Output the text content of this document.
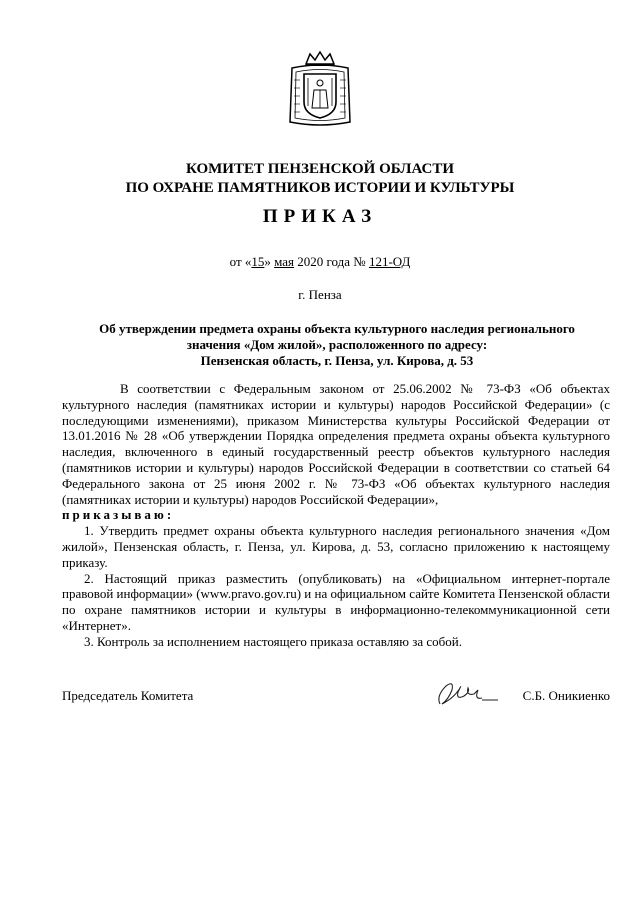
КОМИТЕТ ПЕНЗЕНСКОЙ ОБЛАСТИ
ПО ОХРАНЕ ПАМЯТНИКОВ ИСТОРИИ И КУЛЬТУРЫ
ПРИКАЗ
от «15» мая 2020 года № 121-ОД
г. Пенза
Об утверждении предмета охраны объекта культурного наследия регионального
значения «Дом жилой», расположенного по адресу:
Пензенская область, г. Пенза, ул. Кирова, д. 53

В соответствии с Федеральным законом от 25.06.2002 № 73-ФЗ «Об объектах культурного наследия (памятниках истории и культуры) народов Российской Федерации» (с последующими изменениями), приказом Министерства культуры Российской Федерации от 13.01.2016 № 28 «Об утверждении Порядка определения предмета охраны объекта культурного наследия, включенного в единый государственный реестр объектов культурного наследия (памятников истории и культуры) народов Российской Федерации в соответствии со статьей 64 Федерального закона от 25 июня 2002 г. № 73-ФЗ «Об объектах культурного наследия (памятниках истории и культуры) народов Российской Федерации»,
приказываю:

1. Утвердить предмет охраны объекта культурного наследия регионального значения «Дом жилой», Пензенская область, г. Пенза, ул. Кирова, д. 53, согласно приложению к настоящему приказу.

2. Настоящий приказ разместить (опубликовать) на «Официальном интернет-портале правовой информации» (www.pravo.gov.ru) и на официальном сайте Комитета Пензенской области по охране памятников истории и культуры в информационно-телекоммуникационной сети «Интернет».

3. Контроль за исполнением настоящего приказа оставляю за собой.

Председатель Комитета	С.Б. Оникиенко
